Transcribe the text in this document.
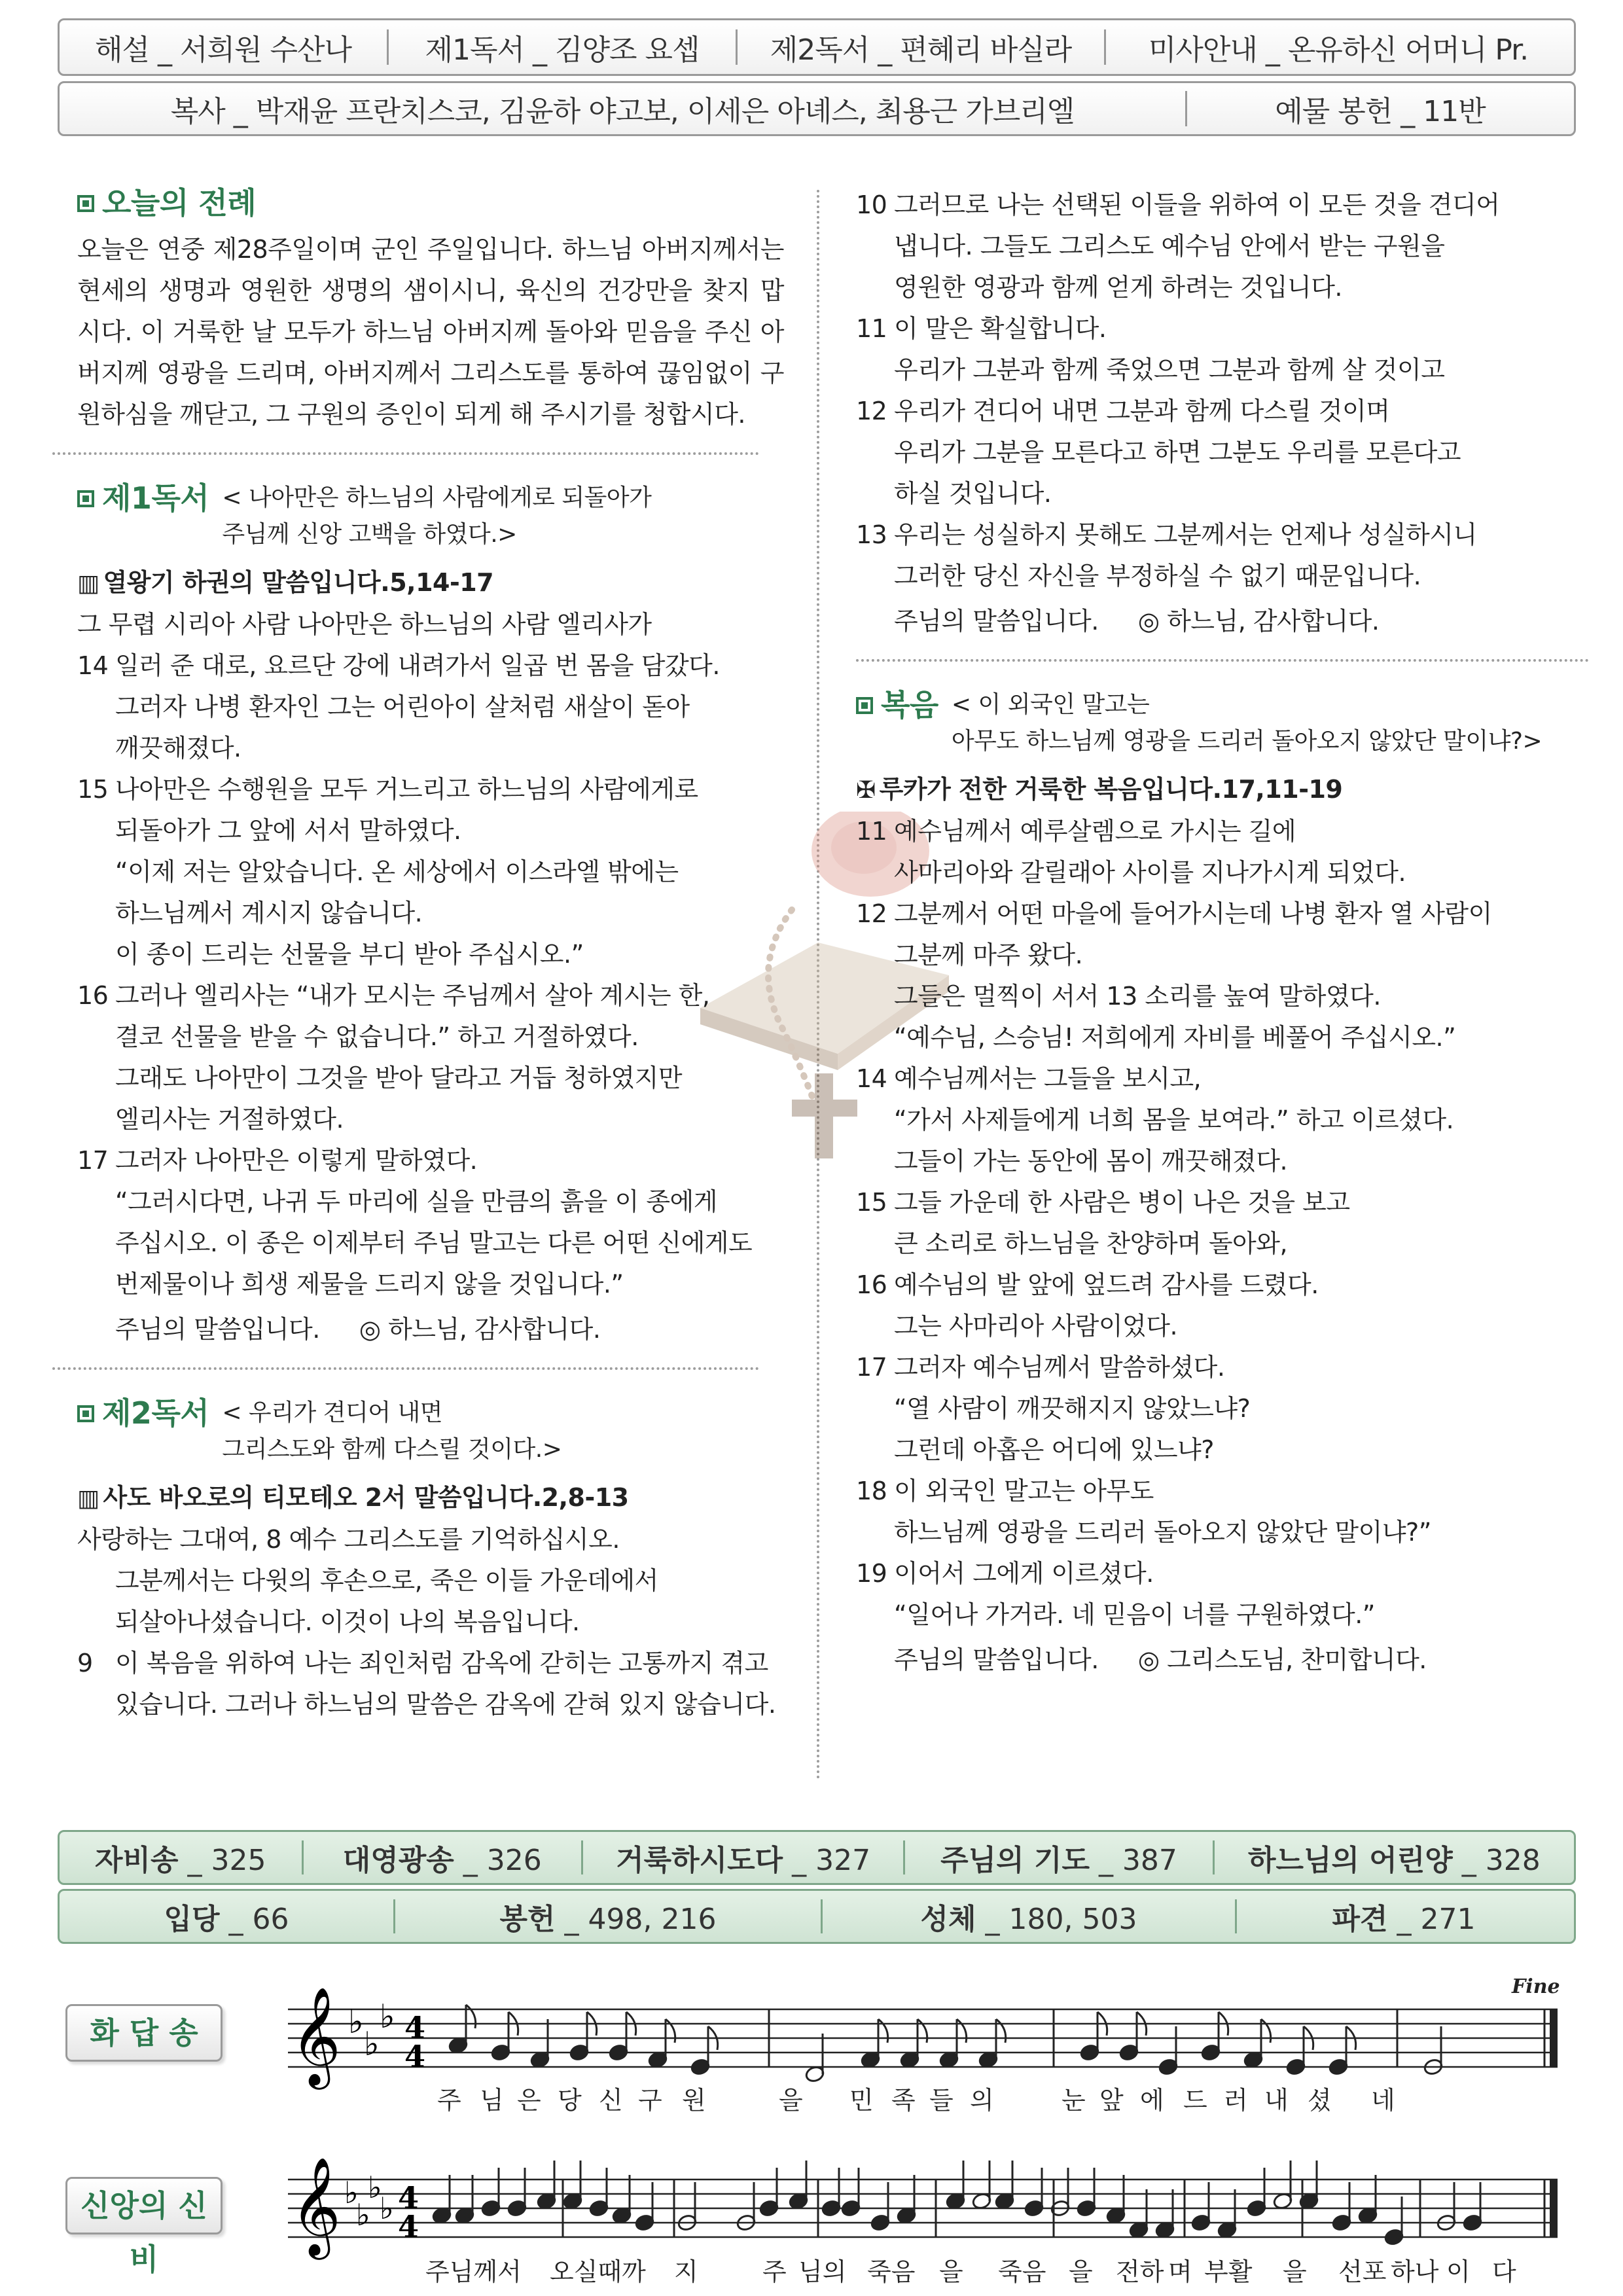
해설 _ 서희원 수산나	제1독서 _ 김양조 요셉	제2독서 _ 편혜리 바실라	미사안내 _ 온유하신 어머니 Pr.
복사 _ 박재윤 프란치스코, 김윤하 야고보, 이세은 아녜스, 최용근 가브리엘	예물 봉헌 _ 11반
오늘의 전례
오늘은 연중 제28주일이며 군인 주일입니다. 하느님 아버지께서는 현세의 생명과 영원한 생명의 샘이시니, 육신의 건강만을 찾지 맙시다. 이 거룩한 날 모두가 하느님 아버지께 돌아와 믿음을 주신 아버지께 영광을 드리며, 아버지께서 그리스도를 통하여 끊임없이 구원하심을 깨닫고, 그 구원의 증인이 되게 해 주시기를 청합시다.
제1독서 < 나아만은 하느님의 사람에게로 되돌아가
주님께 신앙 고백을 하였다.>
▥ 열왕기 하권의 말씀입니다.5,14-17
그 무렵 시리아 사람 나아만은 하느님의 사람 엘리사가
14 일러 준 대로, 요르단 강에 내려가서 일곱 번 몸을 담갔다.
그러자 나병 환자인 그는 어린아이 살처럼 새살이 돋아
깨끗해졌다.
15 나아만은 수행원을 모두 거느리고 하느님의 사람에게로
되돌아가 그 앞에 서서 말하였다.
“이제 저는 알았습니다. 온 세상에서 이스라엘 밖에는
하느님께서 계시지 않습니다.
이 종이 드리는 선물을 부디 받아 주십시오.”
16 그러나 엘리사는 “내가 모시는 주님께서 살아 계시는 한,
결코 선물을 받을 수 없습니다.” 하고 거절하였다.
그래도 나아만이 그것을 받아 달라고 거듭 청하였지만
엘리사는 거절하였다.
17 그러자 나아만은 이렇게 말하였다.
“그러시다면, 나귀 두 마리에 실을 만큼의 흙을 이 종에게
주십시오. 이 종은 이제부터 주님 말고는 다른 어떤 신에게도
번제물이나 희생 제물을 드리지 않을 것입니다.”
주님의 말씀입니다. ◎ 하느님, 감사합니다.
제2독서 < 우리가 견디어 내면
그리스도와 함께 다스릴 것이다.>
▥ 사도 바오로의 티모테오 2서 말씀입니다.2,8-13
사랑하는 그대여, 8 예수 그리스도를 기억하십시오.
그분께서는 다윗의 후손으로, 죽은 이들 가운데에서
되살아나셨습니다. 이것이 나의 복음입니다.
9 이 복음을 위하여 나는 죄인처럼 감옥에 갇히는 고통까지 겪고
있습니다. 그러나 하느님의 말씀은 감옥에 갇혀 있지 않습니다.
10 그러므로 나는 선택된 이들을 위하여 이 모든 것을 견디어
냅니다. 그들도 그리스도 예수님 안에서 받는 구원을
영원한 영광과 함께 얻게 하려는 것입니다.
11 이 말은 확실합니다.
우리가 그분과 함께 죽었으면 그분과 함께 살 것이고
12 우리가 견디어 내면 그분과 함께 다스릴 것이며
우리가 그분을 모른다고 하면 그분도 우리를 모른다고
하실 것입니다.
13 우리는 성실하지 못해도 그분께서는 언제나 성실하시니
그러한 당신 자신을 부정하실 수 없기 때문입니다.
주님의 말씀입니다. ◎ 하느님, 감사합니다.
복음 < 이 외국인 말고는
아무도 하느님께 영광을 드리러 돌아오지 않았단 말이냐?>
✠ 루카가 전한 거룩한 복음입니다.17,11-19
11 예수님께서 예루살렘으로 가시는 길에
사마리아와 갈릴래아 사이를 지나가시게 되었다.
12 그분께서 어떤 마을에 들어가시는데 나병 환자 열 사람이
그분께 마주 왔다.
그들은 멀찍이 서서 13 소리를 높여 말하였다.
“예수님, 스승님! 저희에게 자비를 베풀어 주십시오.”
14 예수님께서는 그들을 보시고,
“가서 사제들에게 너희 몸을 보여라.” 하고 이르셨다.
그들이 가는 동안에 몸이 깨끗해졌다.
15 그들 가운데 한 사람은 병이 나은 것을 보고
큰 소리로 하느님을 찬양하며 돌아와,
16 예수님의 발 앞에 엎드려 감사를 드렸다.
그는 사마리아 사람이었다.
17 그러자 예수님께서 말씀하셨다.
“열 사람이 깨끗해지지 않았느냐?
그런데 아홉은 어디에 있느냐?
18 이 외국인 말고는 아무도
하느님께 영광을 드리러 돌아오지 않았단 말이냐?”
19 이어서 그에게 이르셨다.
“일어나 가거라. 네 믿음이 너를 구원하였다.”
주님의 말씀입니다. ◎ 그리스도님, 찬미합니다.
자비송 _ 325	대영광송 _ 326	거룩하시도다 _ 327	주님의 기도 _ 387	하느님의 어린양 _ 328
입당 _ 66	봉헌 _ 498, 216	성체 _ 180, 503	파견 _ 271
화 답 송
신앙의 신비
Fine
𝄞 ♭
♭
♭ 4
4
주 님 은 당 신 구 원	을 민 족 들 의	눈 앞 에 드 러 내 셨 네
𝄞 ♭
♭
♭
♭ 4
4
주님께서 오실때까 지	주 님의 죽음 을 죽음 을 전하 며 부활 을 선포 하나 이 다
